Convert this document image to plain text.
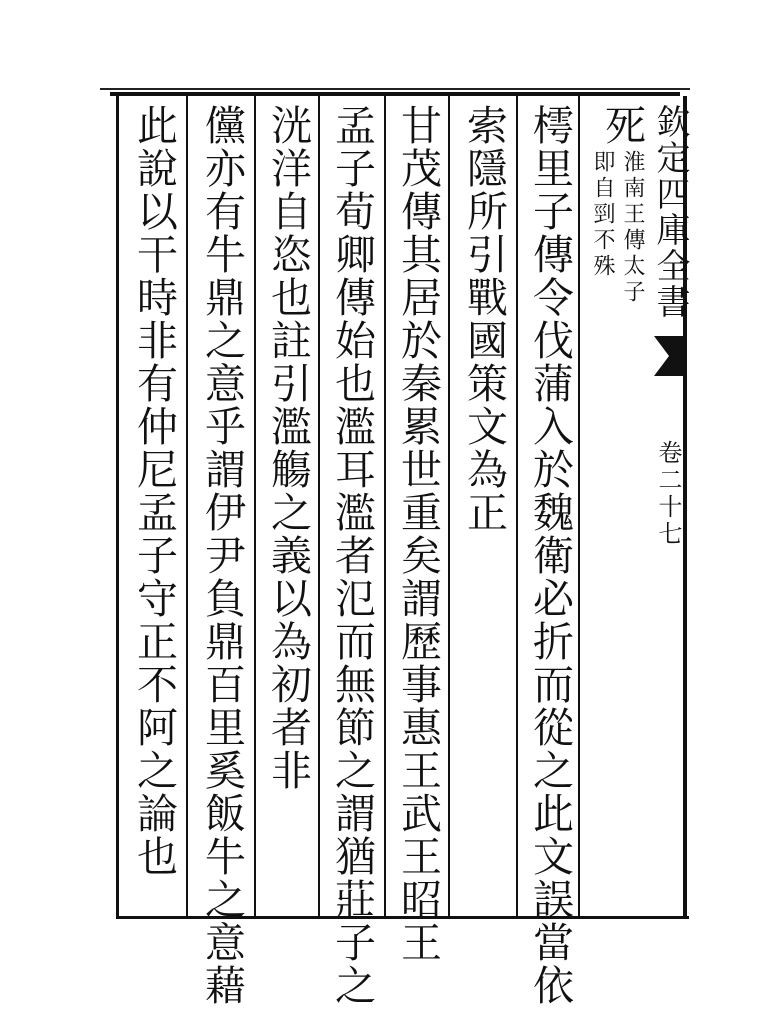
欽定四庫全書
卷二十七
死
淮南王傳太子
即自剄不殊
樗里子傳令伐蒲入於魏衛必折而從之此文誤當依
索隱所引戰國策文為正
甘茂傳其居於秦累世重矣謂歷事惠王武王昭王
孟子荀卿傳始也濫耳濫者氾而無節之謂猶莊子之
洸洋自恣也註引濫觴之義以為初者非
儻亦有牛鼎之意乎謂伊尹負鼎百里奚飯牛之意藉
此說以干時非有仲尼孟子守正不阿之論也
